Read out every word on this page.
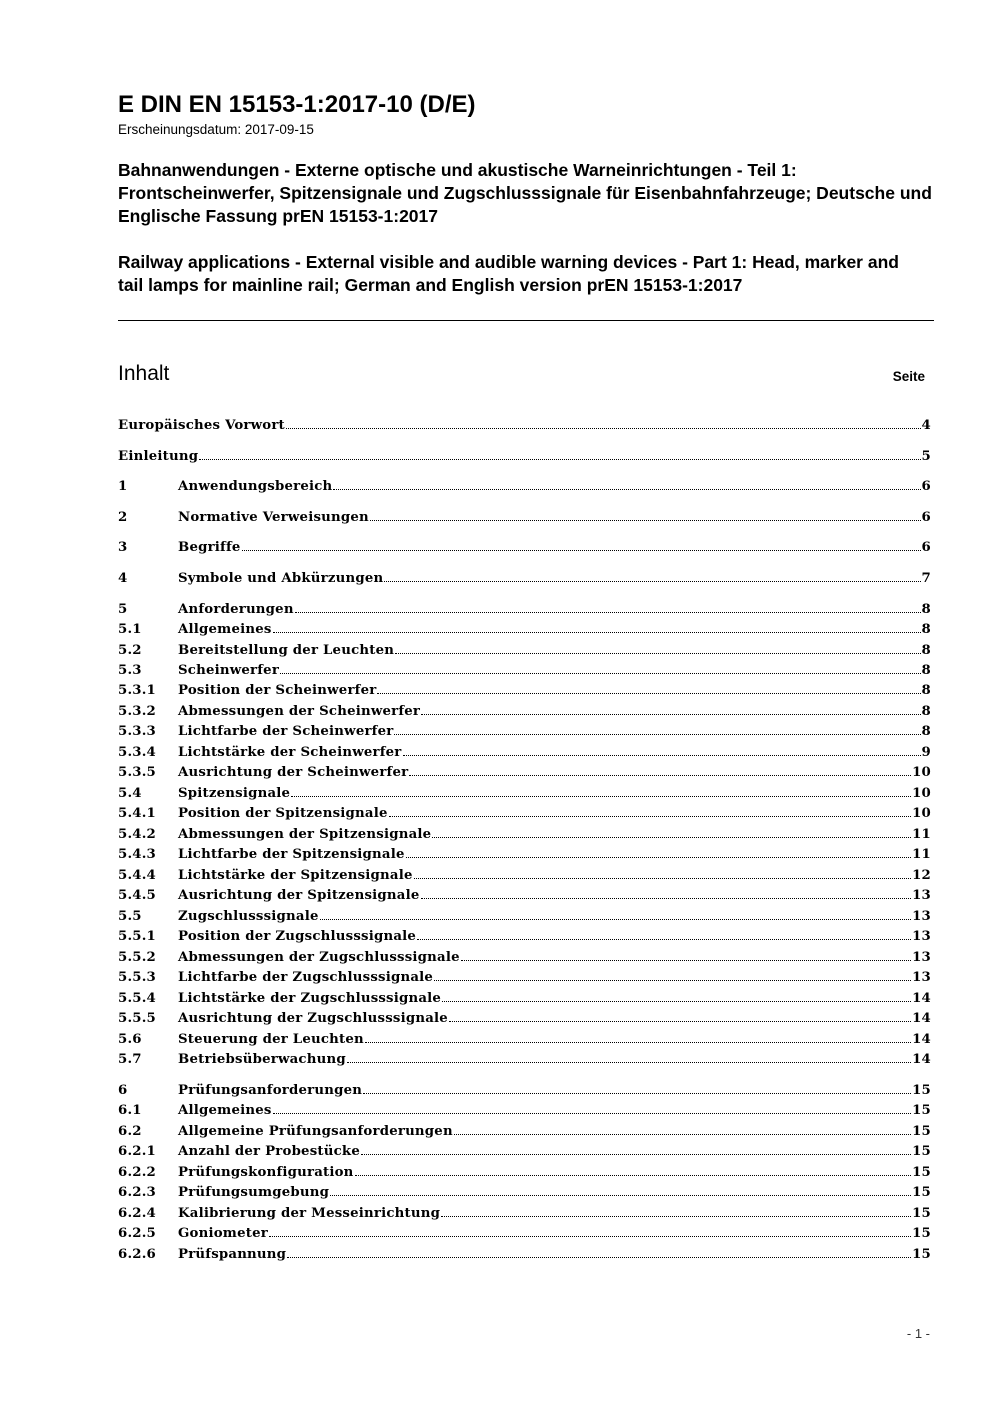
E DIN EN 15153-1:2017-10 (D/E)
Erscheinungsdatum: 2017-09-15
Bahnanwendungen - Externe optische und akustische Warneinrichtungen - Teil 1: Frontscheinwerfer, Spitzensignale und Zugschlusssignale für Eisenbahnfahrzeuge; Deutsche und Englische Fassung prEN 15153-1:2017
Railway applications - External visible and audible warning devices - Part 1: Head, marker and tail lamps for mainline rail; German and English version prEN 15153-1:2017
Inhalt	Seite
Europäisches Vorwort	4
Einleitung	5
1	Anwendungsbereich	6
2	Normative Verweisungen	6
3	Begriffe	6
4	Symbole und Abkürzungen	7
5	Anforderungen	8
5.1	Allgemeines	8
5.2	Bereitstellung der Leuchten	8
5.3	Scheinwerfer	8
5.3.1	Position der Scheinwerfer	8
5.3.2	Abmessungen der Scheinwerfer	8
5.3.3	Lichtfarbe der Scheinwerfer	8
5.3.4	Lichtstärke der Scheinwerfer	9
5.3.5	Ausrichtung der Scheinwerfer	10
5.4	Spitzensignale	10
5.4.1	Position der Spitzensignale	10
5.4.2	Abmessungen der Spitzensignale	11
5.4.3	Lichtfarbe der Spitzensignale	11
5.4.4	Lichtstärke der Spitzensignale	12
5.4.5	Ausrichtung der Spitzensignale	13
5.5	Zugschlusssignale	13
5.5.1	Position der Zugschlusssignale	13
5.5.2	Abmessungen der Zugschlusssignale	13
5.5.3	Lichtfarbe der Zugschlusssignale	13
5.5.4	Lichtstärke der Zugschlusssignale	14
5.5.5	Ausrichtung der Zugschlusssignale	14
5.6	Steuerung der Leuchten	14
5.7	Betriebsüberwachung	14
6	Prüfungsanforderungen	15
6.1	Allgemeines	15
6.2	Allgemeine Prüfungsanforderungen	15
6.2.1	Anzahl der Probestücke	15
6.2.2	Prüfungskonfiguration	15
6.2.3	Prüfungsumgebung	15
6.2.4	Kalibrierung der Messeinrichtung	15
6.2.5	Goniometer	15
6.2.6	Prüfspannung	15
- 1 -
